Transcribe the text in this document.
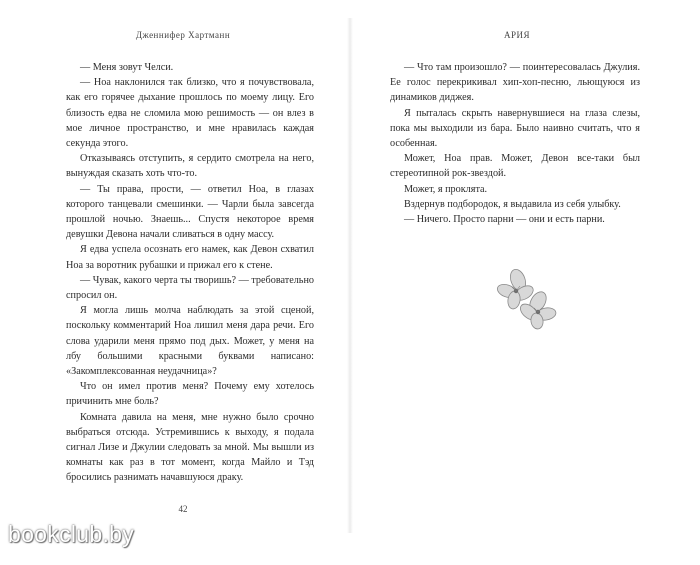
Дженнифер Хартманн

— Меня зовут Челси.

— Ноа наклонился так близко, что я почувствовала, как его горячее дыхание прошлось по моему лицу. Его близость едва не сломила мою решимость — он влез в мое личное пространство, и мне нравилась каждая секунда этого.

Отказываясь отступить, я сердито смотрела на него, вынуждая сказать хоть что-то.

— Ты права, прости, — ответил Ноа, в глазах которого танцевали смешинки. — Чарли была завсегда прошлой ночью. Знаешь... Спустя некоторое время девушки Девона начали сливаться в одну массу.

Я едва успела осознать его намек, как Девон схватил Ноа за воротник рубашки и прижал его к стене.

— Чувак, какого черта ты творишь? — требовательно спросил он.

Я могла лишь молча наблюдать за этой сценой, поскольку комментарий Ноа лишил меня дара речи. Его слова ударили меня прямо под дых. Может, у меня на лбу большими красными буквами написано: «Закомплексованная неудачница»?

Что он имел против меня? Почему ему хотелось причинить мне боль?

Комната давила на меня, мне нужно было срочно выбраться отсюда. Устремившись к выходу, я подала сигнал Лизе и Джулии следовать за мной. Мы вышли из комнаты как раз в тот момент, когда Майло и Тэд бросились разнимать начавшуюся драку.

42
АРИЯ

— Что там произошло? — поинтересовалась Джулия. Ее голос перекрикивал хип-хоп-песню, льющуюся из динамиков диджея.

Я пыталась скрыть навернувшиеся на глаза слезы, пока мы выходили из бара. Было наивно считать, что я особенная.

Может, Ноа прав. Может, Девон все-таки был стереотипной рок-звездой.

Может, я проклята.

Вздернув подбородок, я выдавила из себя улыбку.

— Ничего. Просто парни — они и есть парни.

bookclub.by
